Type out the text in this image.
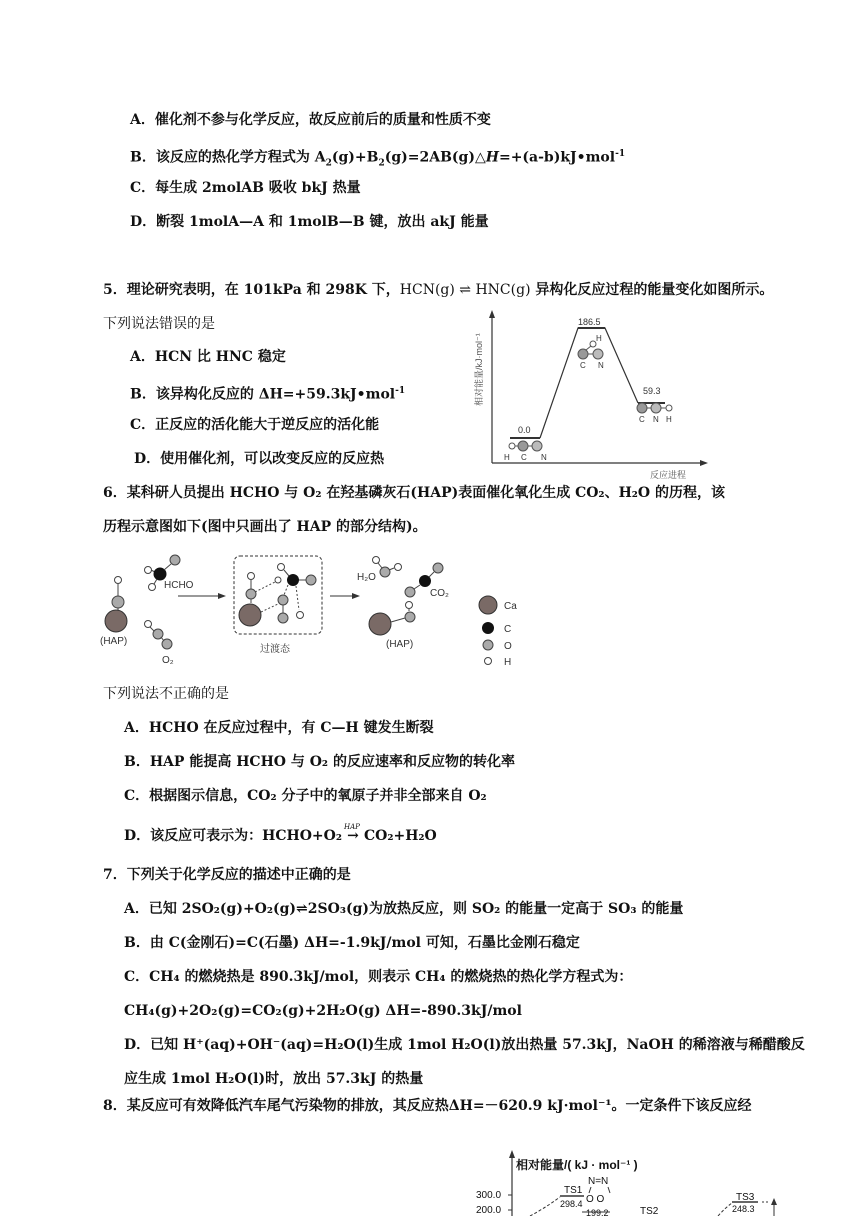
A．催化剂不参与化学反应，故反应前后的质量和性质不变
B．该反应的热化学方程式为 $A_2(g)+B_2(g)=2AB(g)\triangle H=+(a-b)kJ•mol^{-1}$
C．每生成 2molAB 吸收 bkJ 热量
D．断裂 1molA—A 和 1molB—B 键，放出 akJ 能量
5．理论研究表明，在 101kPa 和 298K 下，HCN(g) ⇌ HNC(g) 异构化反应过程的能量变化如图所示。
下列说法错误的是
A．HCN 比 HNC 稳定
B．该异构化反应的 ΔH=+59.3kJ•mol$^{-1}$
C．正反应的活化能大于逆反应的活化能
D．使用催化剂，可以改变反应的反应热
相对能量/kJ·mol⁻¹
反应进程
0.0
186.5
59.3
H C N
H
C N
C N H
6．某科研人员提出 HCHO 与 O₂ 在羟基磷灰石(HAP)表面催化氧化生成 CO₂、H₂O 的历程，该
历程示意图如下(图中只画出了 HAP 的部分结构)。
(HAP)
HCHO
O₂
过渡态
H₂O
CO₂
(HAP)
Ca
C
O
H
下列说法不正确的是
A．HCHO 在反应过程中，有 C—H 键发生断裂
B．HAP 能提高 HCHO 与 O₂ 的反应速率和反应物的转化率
C．根据图示信息，CO₂ 分子中的氧原子并非全部来自 O₂
D．该反应可表示为：HCHO+O₂
HAP
→ CO₂+H₂O
7．下列关于化学反应的描述中正确的是
A．已知 2SO₂(g)+O₂(g)⇌2SO₃(g)为放热反应，则 SO₂ 的能量一定高于 SO₃ 的能量
B．由 C(金刚石)=C(石墨) ΔH=-1.9kJ/mol 可知，石墨比金刚石稳定
C．CH₄ 的燃烧热是 890.3kJ/mol，则表示 CH₄ 的燃烧热的热化学方程式为：
CH₄(g)+2O₂(g)=CO₂(g)+2H₂O(g) ΔH=-890.3kJ/mol
D．已知 H⁺(aq)+OH⁻(aq)=H₂O(l)生成 1mol H₂O(l)放出热量 57.3kJ，NaOH 的稀溶液与稀醋酸反
应生成 1mol H₂O(l)时，放出 57.3kJ 的热量
8．某反应可有效降低汽车尾气污染物的排放，其反应热ΔH=－620.9 kJ·mol⁻¹。一定条件下该反应经
相对能量/( kJ · mol⁻¹ )
300.0
200.0
TS1
298.4
N=N
O O
199.2	TS2
TS3
248.3
